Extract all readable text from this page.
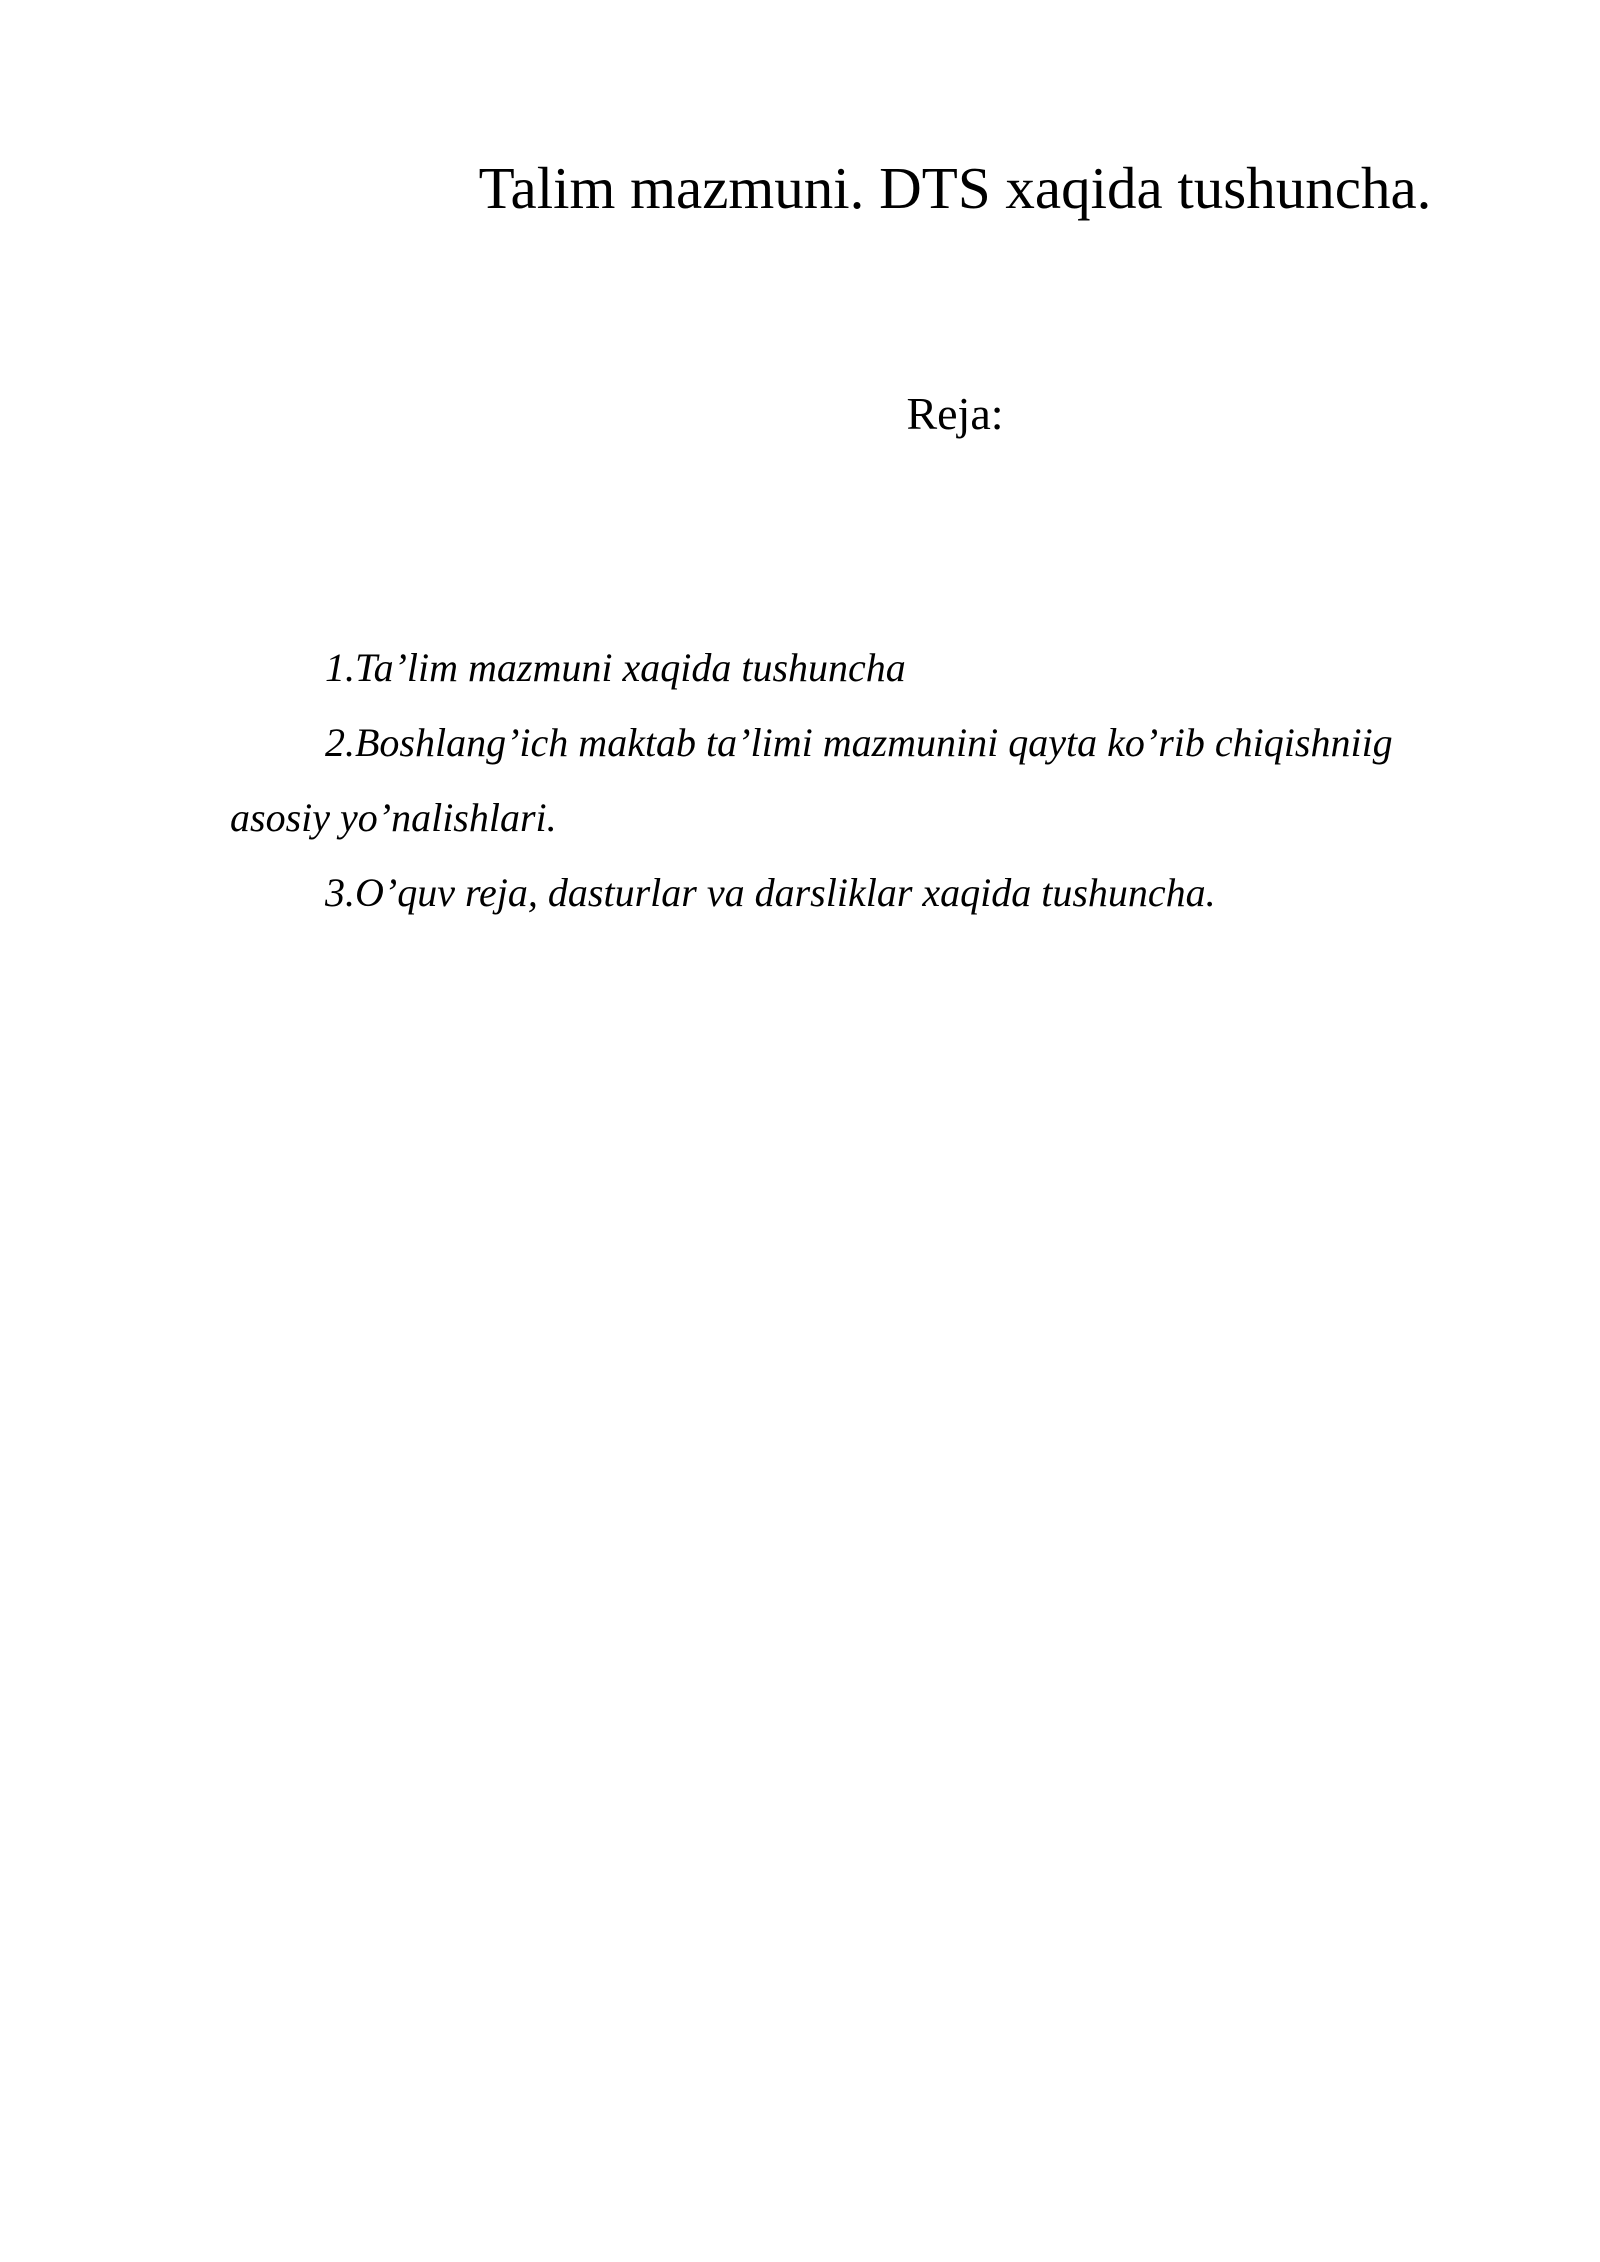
Talim mazmuni. DTS xaqida tushuncha.
Reja:
1.Ta’lim mazmuni xaqida tushuncha
2.Boshlang’ich maktab ta’limi mazmunini qayta ko’rib chiqishniig asosiy yo’nalishlari.
3.O’quv reja, dasturlar va darsliklar xaqida tushuncha.
